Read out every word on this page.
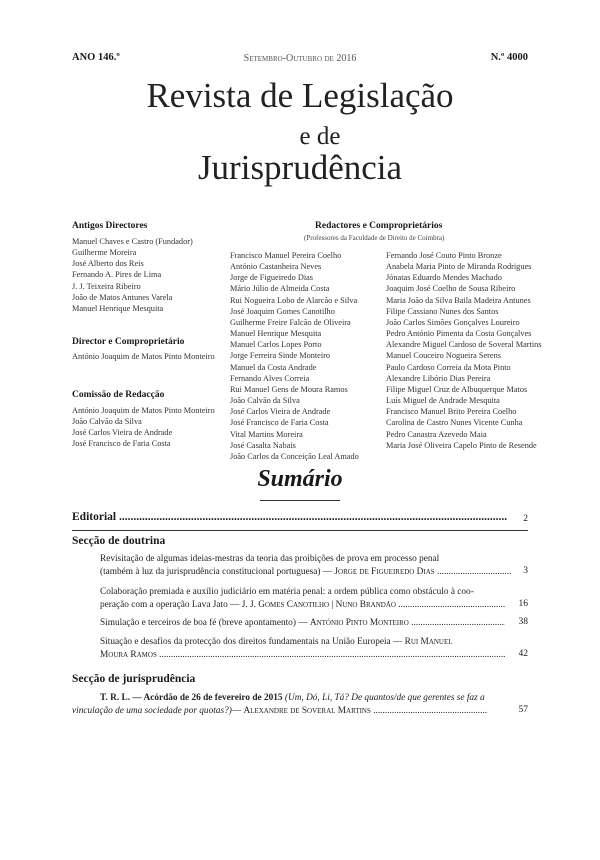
ANO 146.º	Setembro-Outubro de 2016	N.º 4000
Revista de Legislação
e de
Jurisprudência
Antigos Directores
Manuel Chaves e Castro (Fundador)
Guilherme Moreira
José Alberto dos Reis
Fernando A. Pires de Lima
J. J. Teixeira Ribeiro
João de Matos Antunes Varela
Manuel Henrique Mesquita
Director e Comproprietário
António Joaquim de Matos Pinto Monteiro
Comissão de Redacção
António Joaquim de Matos Pinto Monteiro
João Calvão da Silva
José Carlos Vieira de Andrade
José Francisco de Faria Costa
Redactores e Comproprietários
(Professores da Faculdade de Direito de Coimbra)
Francisco Manuel Pereira Coelho
António Castanheira Neves
Jorge de Figueiredo Dias
Mário Júlio de Almeida Costa
Rui Nogueira Lobo de Alarcão e Silva
José Joaquim Gomes Canotilho
Guilherme Freire Falcão de Oliveira
Manuel Henrique Mesquita
Manuel Carlos Lopes Porto
Jorge Ferreira Sinde Monteiro
Manuel da Costa Andrade
Fernando Alves Correia
Rui Manuel Gens de Moura Ramos
João Calvão da Silva
José Carlos Vieira de Andrade
José Francisco de Faria Costa
Vital Martins Moreira
José Casalta Nabais
João Carlos da Conceição Leal Amado
Fernando José Couto Pinto Bronze
Anabela Maria Pinto de Miranda Rodrigues
Jónatas Eduardo Mendes Machado
Joaquim José Coelho de Sousa Ribeiro
Maria João da Silva Baila Madeira Antunes
Filipe Cassiano Nunes dos Santos
João Carlos Simões Gonçalves Loureiro
Pedro António Pimenta da Costa Gonçalves
Alexandre Miguel Cardoso de Soveral Martins
Manuel Couceiro Nogueira Serens
Paulo Cardoso Correia da Mota Pinto
Alexandre Libório Dias Pereira
Filipe Miguel Cruz de Albuquerque Matos
Luís Miguel de Andrade Mesquita
Francisco Manuel Brito Pereira Coelho
Carolina de Castro Nunes Vicente Cunha
Pedro Canastra Azevedo Maia
Maria José Oliveira Capelo Pinto de Resende
Sumário
Editorial .....	2
Secção de doutrina
Revisitação de algumas ideias-mestras da teoria das proibições de prova em processo penal
(também à luz da jurisprudência constitucional portuguesa) — Jorge de Figueiredo Dias .....	3
Colaboração premiada e auxílio judiciário em matéria penal: a ordem pública como obstáculo à coo-
peração com a operação Lava Jato — J. J. Gomes Canotilho | Nuno Brandão .....	16
Simulação e terceiros de boa fé (breve apontamento) — António Pinto Monteiro .....	38
Situação e desafios da protecção dos direitos fundamentais na União Europeia — Rui Manuel
Moura Ramos .....	42
Secção de jurisprudência
T. R. L. — Acórdão de 26 de fevereiro de 2015 (Um, Dó, Li, Tá? De quantos/de que gerentes se faz a
vinculação de uma sociedade por quotas?)— Alexandre de Soveral Martins .....	57
